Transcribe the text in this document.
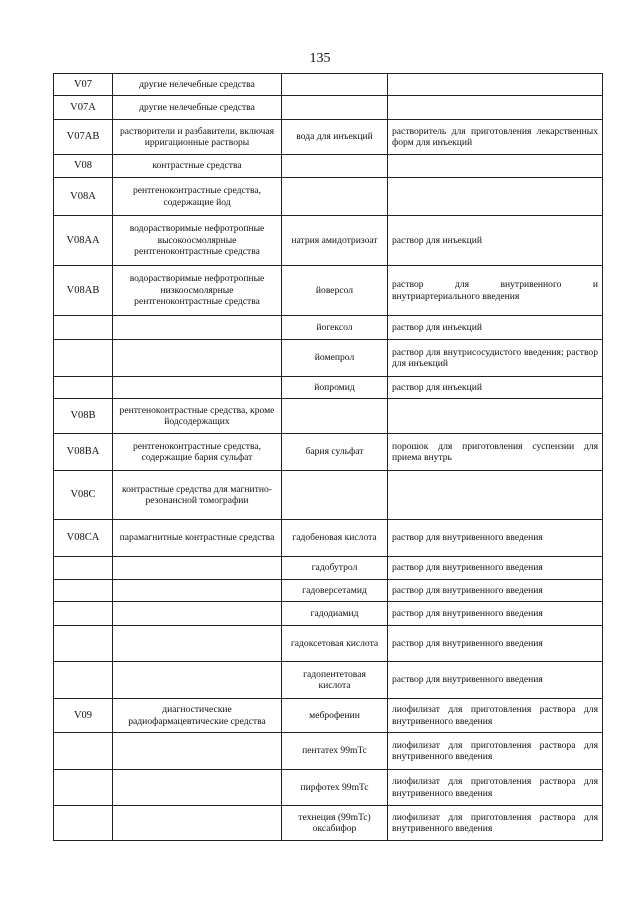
135
V07	другие нелечебные средства		
V07A	другие нелечебные средства		
V07AB	растворители и разбавители, включая ирригационные растворы	вода для инъекций	растворитель для приготовления лекарственных форм для инъекций
V08	контрастные средства		
V08A	рентгеноконтрастные средства, содержащие йод		
V08AA	водорастворимые нефротропные высокоосмолярные рентгеноконтрастные средства	натрия амидотризоат	раствор для инъекций
V08AB	водорастворимые нефротропные низкоосмолярные рентгеноконтрастные средства	йоверсол	раствор для внутривенного и внутриартериального введения
		йогексол	раствор для инъекций
		йомепрол	раствор для внутрисосудистого введения; раствор для инъекций
		йопромид	раствор для инъекций
V08B	рентгеноконтрастные средства, кроме йодсодержащих		
V08BA	рентгеноконтрастные средства, содержащие бария сульфат	бария сульфат	порошок для приготовления суспензии для приема внутрь
V08C	контрастные средства для магнитно-резонансной томографии		
V08CA	парамагнитные контрастные средства	гадобеновая кислота	раствор для внутривенного введения
		гадобутрол	раствор для внутривенного введения
		гадоверсетамид	раствор для внутривенного введения
		гадодиамид	раствор для внутривенного введения
		гадоксетовая кислота	раствор для внутривенного введения
		гадопентетовая кислота	раствор для внутривенного введения
V09	диагностические радиофармацевтические средства	меброфенин	лиофилизат для приготовления раствора для внутривенного введения
		пентатех 99mTc	лиофилизат для приготовления раствора для внутривенного введения
		пирфотех 99mTc	лиофилизат для приготовления раствора для внутривенного введения
		технеция (99mTc) оксабифор	лиофилизат для приготовления раствора для внутривенного введения
